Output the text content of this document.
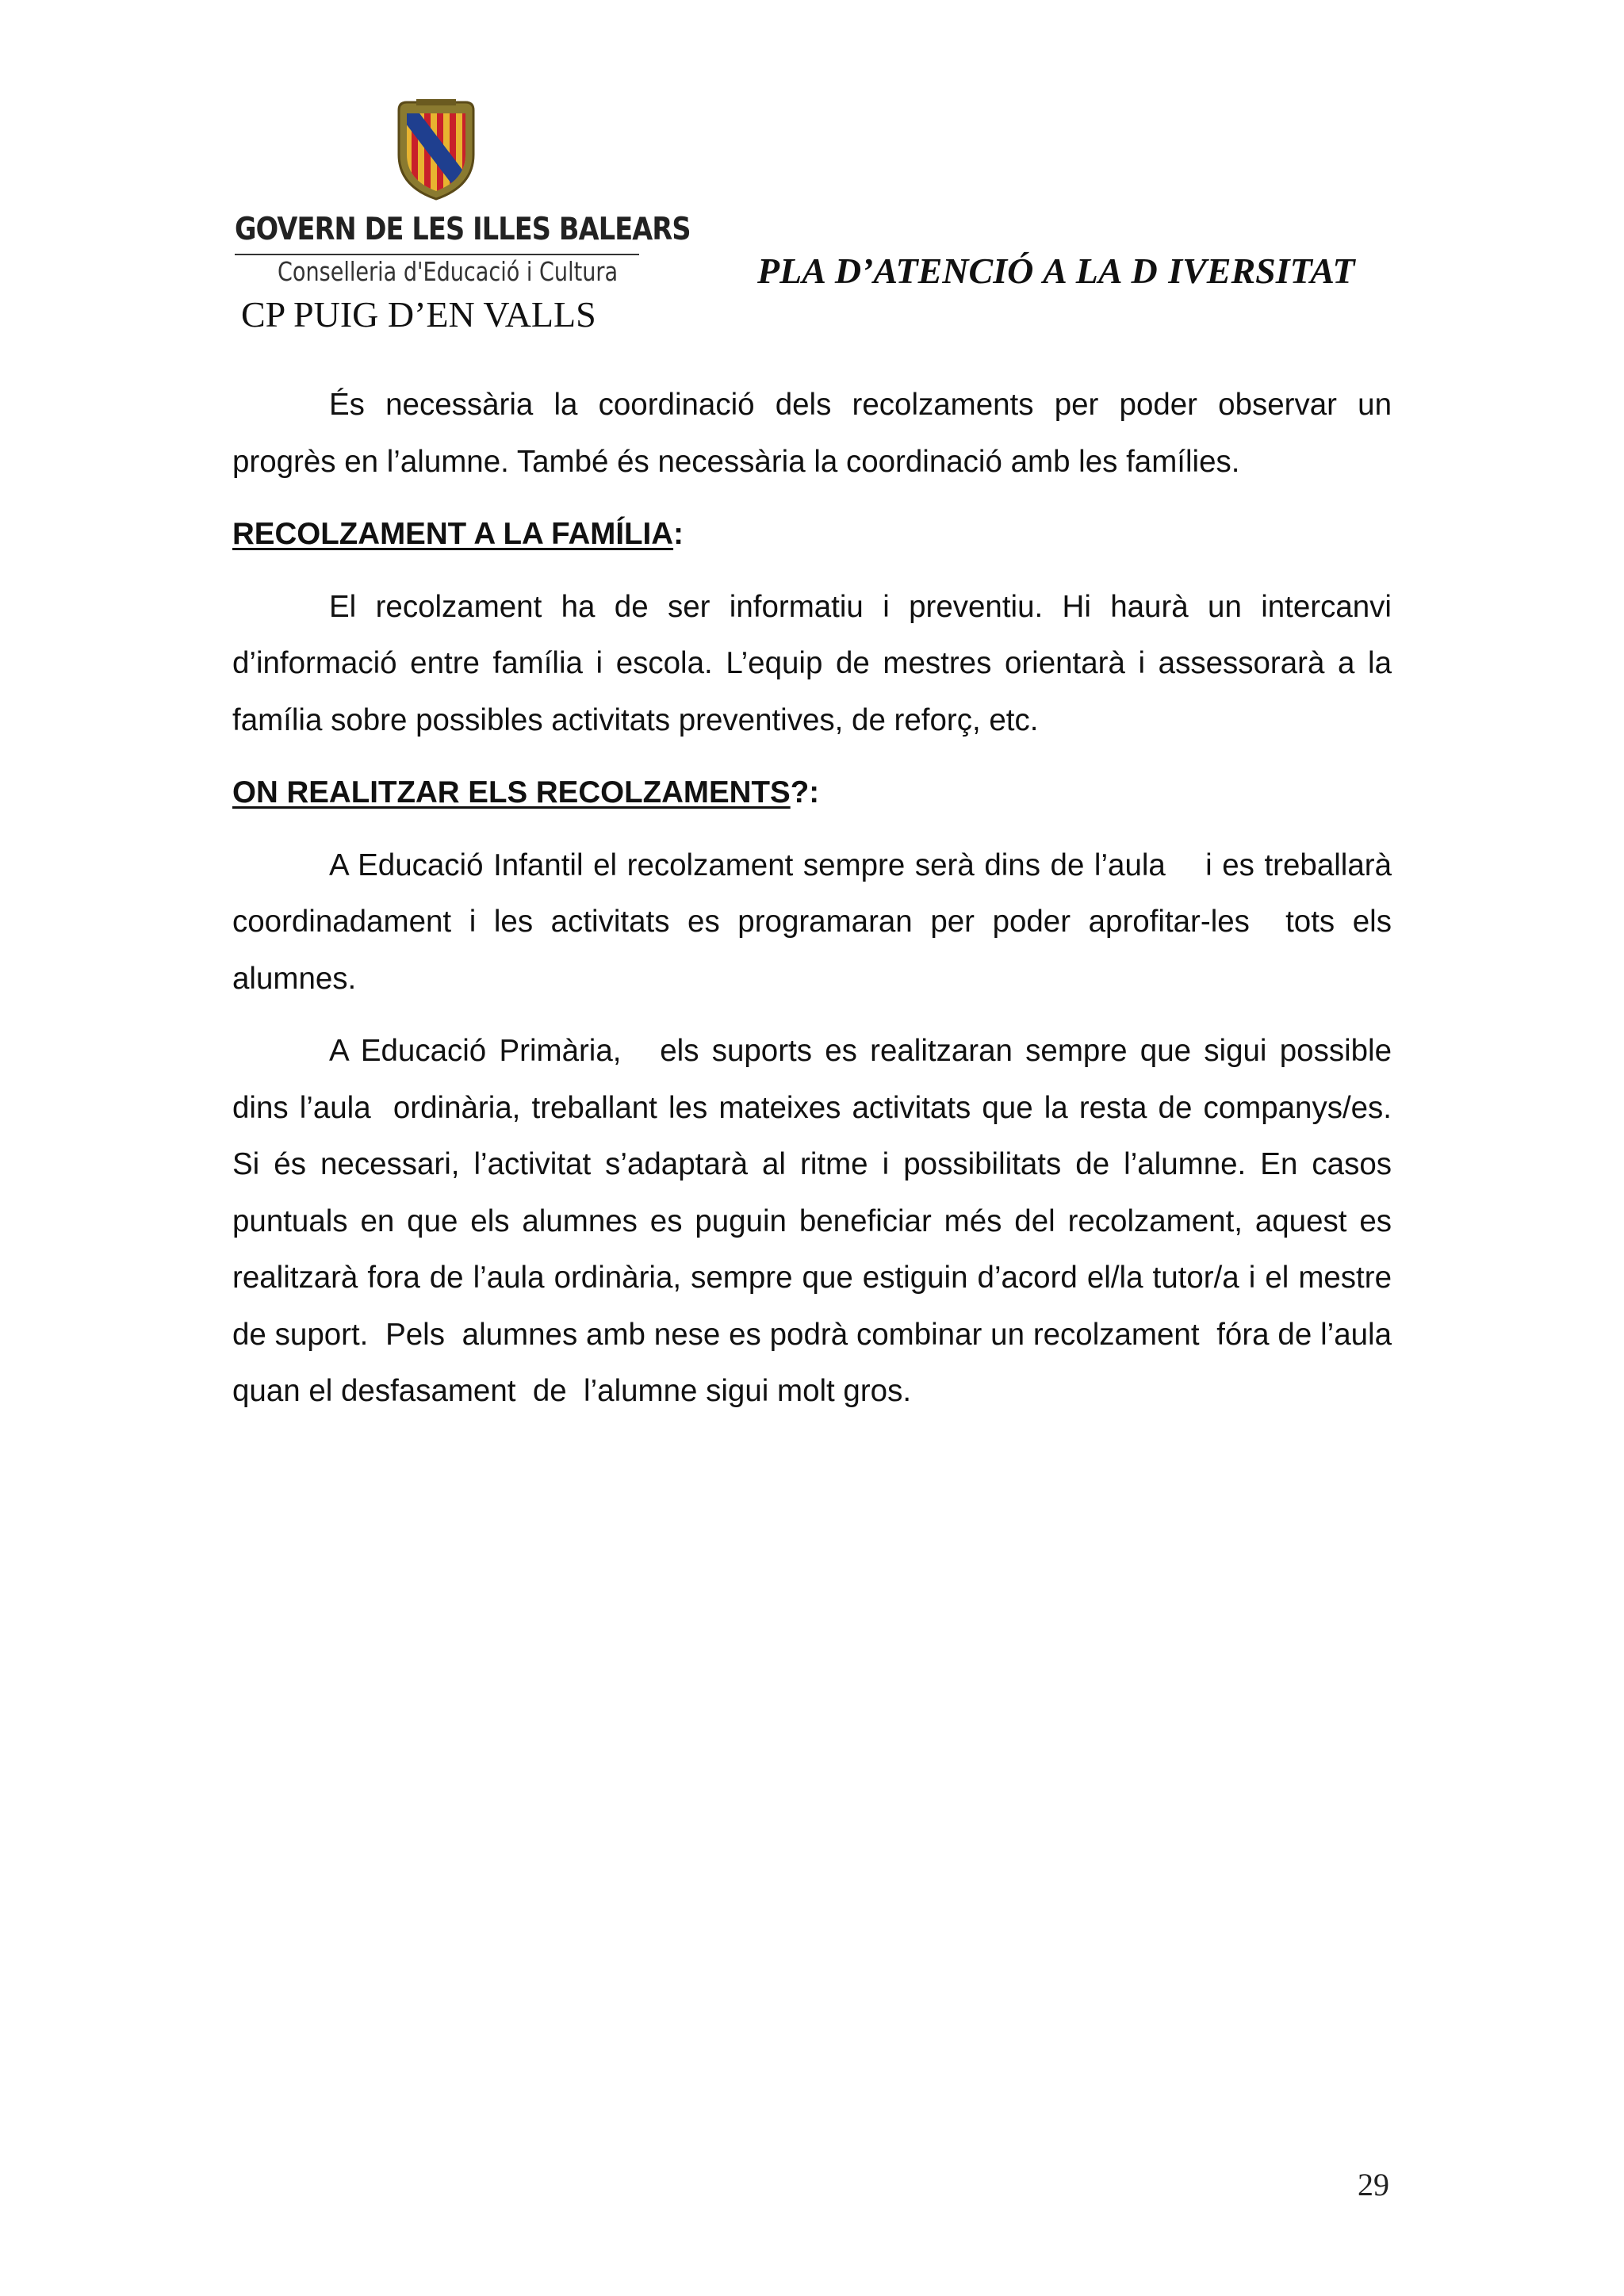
GOVERN DE LES ILLES BALEARS
Conselleria d'Educació i Cultura
CP PUIG D’EN VALLS
PLA D’ATENCIÓ A LA D IVERSITAT

És necessària la coordinació dels recolzaments per poder observar un progrès en l’alumne. També és necessària la coordinació amb les famílies.

RECOLZAMENT A LA FAMÍLIA:

El recolzament ha de ser informatiu i preventiu. Hi haurà un intercanvi d’informació entre família i escola. L’equip de mestres orientarà i assessorarà a la família sobre possibles activitats preventives, de reforç, etc.

ON REALITZAR ELS RECOLZAMENTS?:

A Educació Infantil el recolzament sempre serà dins de l’aula    i es treballarà  coordinadament i les activitats es programaran per poder aprofitar-les  tots els alumnes.

A Educació Primària,   els suports es realitzaran sempre que sigui possible dins l’aula  ordinària, treballant les mateixes activitats que la resta de companys/es. Si és necessari, l’activitat s’adaptarà al ritme i possibilitats de l’alumne. En casos puntuals en que els alumnes es puguin beneficiar més del recolzament, aquest es realitzarà fora de l’aula ordinària, sempre que estiguin d’acord el/la tutor/a i el mestre de suport.  Pels  alumnes amb nese es podrà combinar un recolzament  fóra de l’aula quan el desfasament  de  l’alumne sigui molt gros.

29
